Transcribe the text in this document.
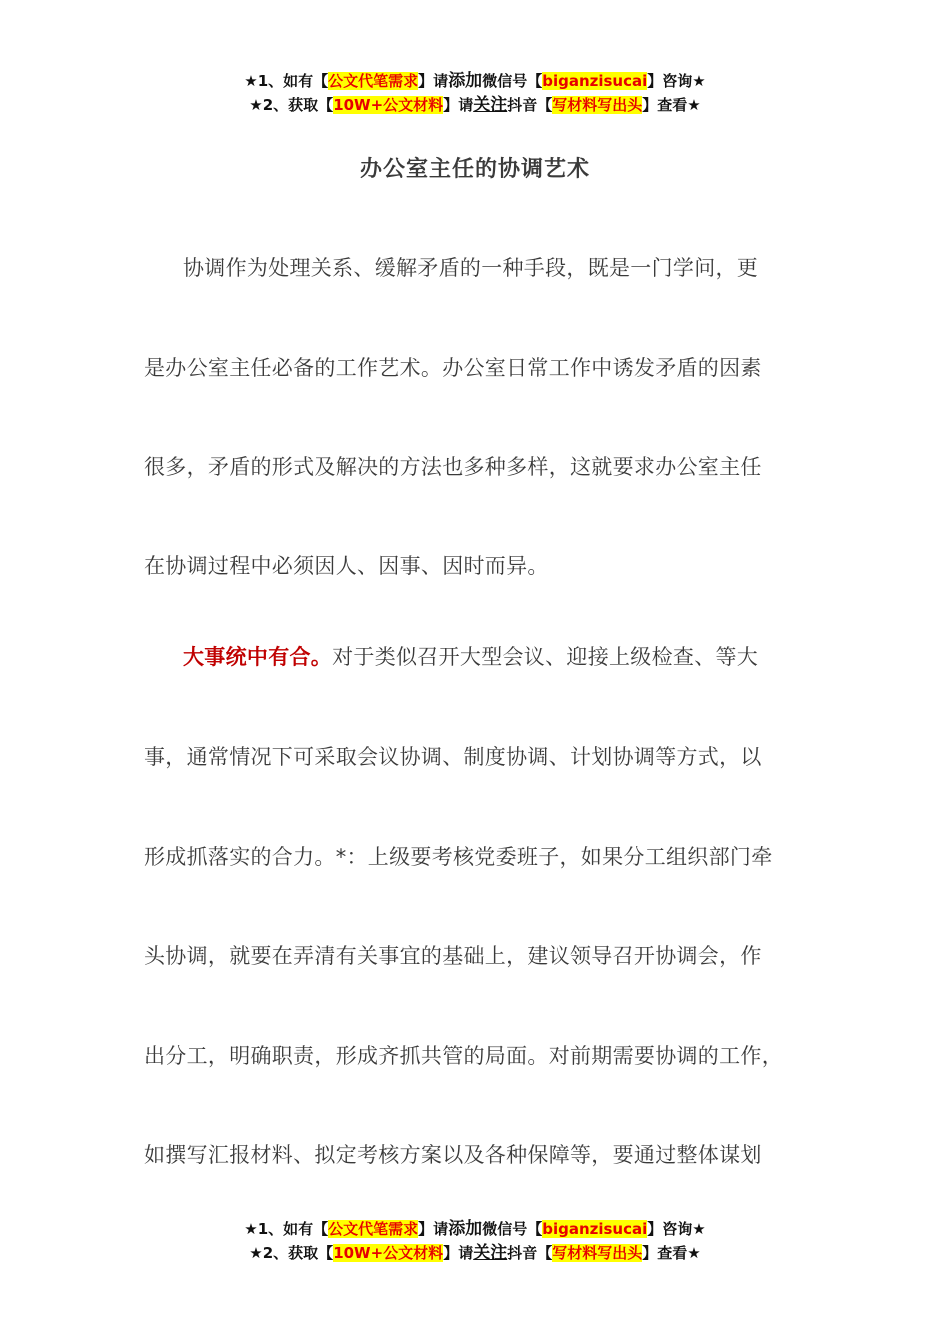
★1、如有【公文代笔需求】请添加微信号【biganzisucai】咨询★
★2、获取【10W+公文材料】请关注抖音【写材料写出头】查看★
办公室主任的协调艺术
协调作为处理关系、缓解矛盾的一种手段，既是一门学问，更
是办公室主任必备的工作艺术。办公室日常工作中诱发矛盾的因素
很多，矛盾的形式及解决的方法也多种多样，这就要求办公室主任
在协调过程中必须因人、因事、因时而异。
大事统中有合。对于类似召开大型会议、迎接上级检查、等大
事，通常情况下可采取会议协调、制度协调、计划协调等方式，以
形成抓落实的合力。*：上级要考核党委班子，如果分工组织部门牵
头协调，就要在弄清有关事宜的基础上，建议领导召开协调会，作
出分工，明确职责，形成齐抓共管的局面。对前期需要协调的工作，
如撰写汇报材料、拟定考核方案以及各种保障等，要通过整体谋划
★1、如有【公文代笔需求】请添加微信号【biganzisucai】咨询★
★2、获取【10W+公文材料】请关注抖音【写材料写出头】查看★
